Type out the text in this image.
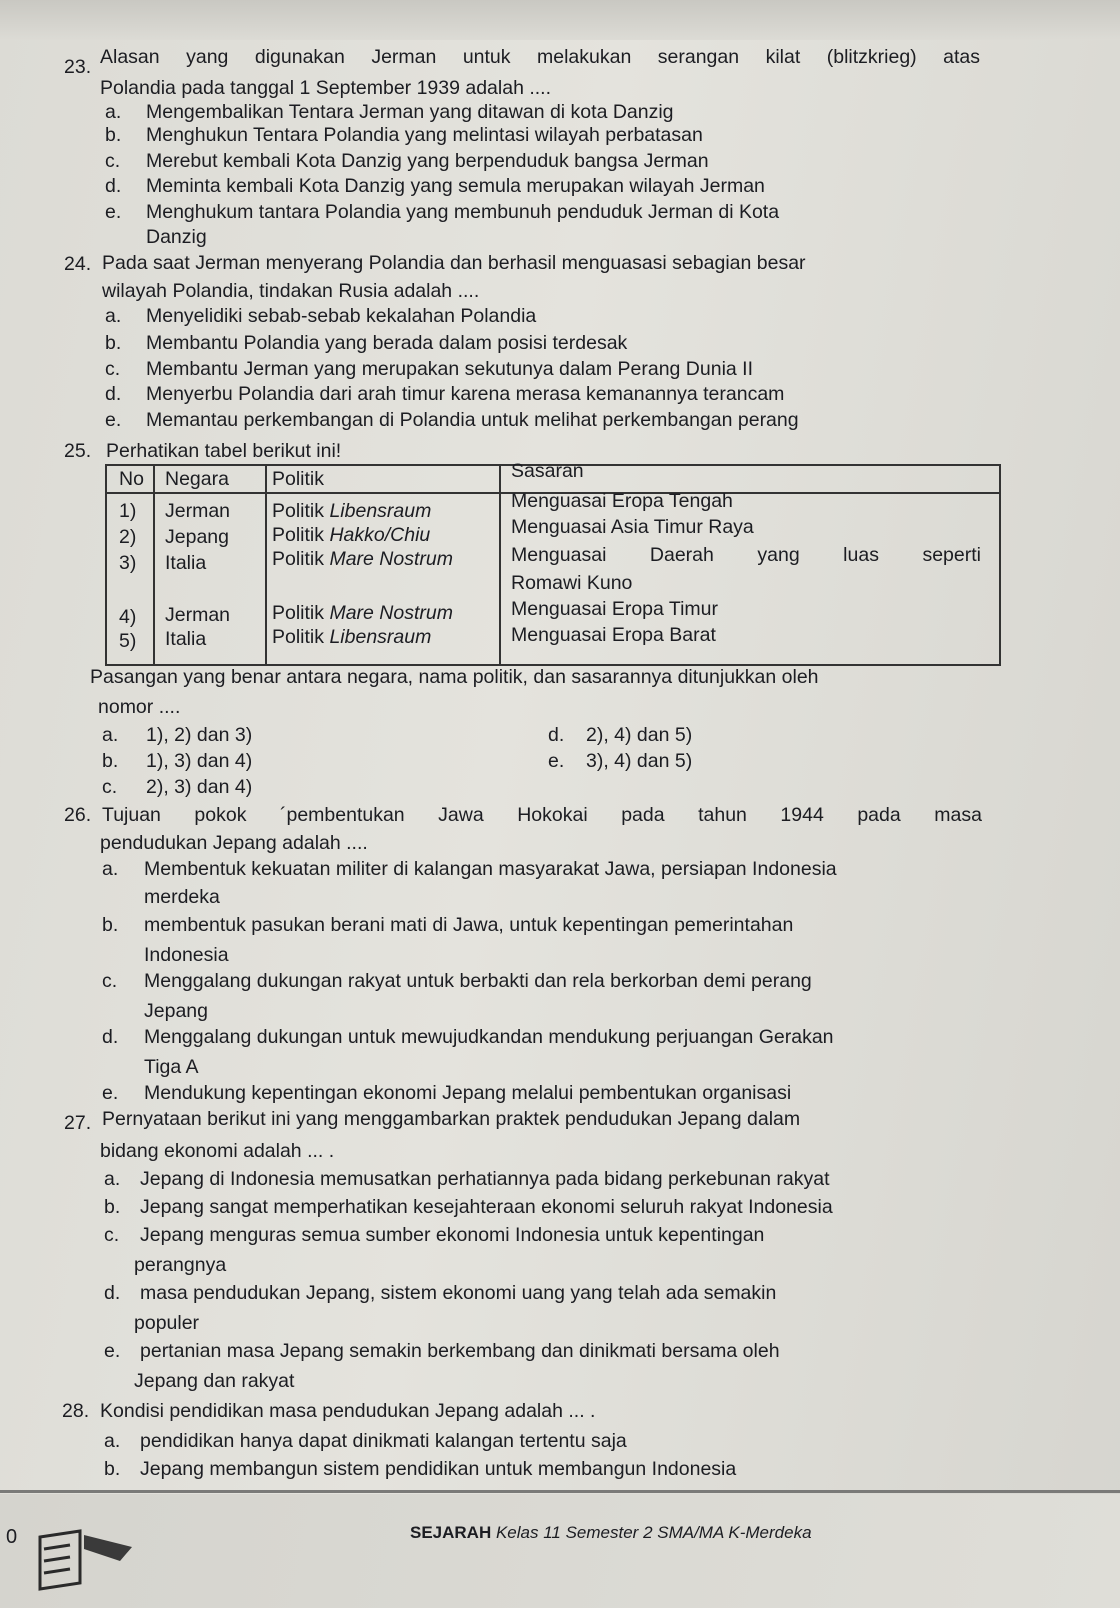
23. Alasan yang digunakan Jerman untuk melakukan serangan kilat (blitzkrieg) atas
Polandia pada tanggal 1 September 1939 adalah ....
a. Mengembalikan Tentara Jerman yang ditawan di kota Danzig
b. Menghukun Tentara Polandia yang melintasi wilayah perbatasan
c. Merebut kembali Kota Danzig yang berpenduduk bangsa Jerman
d. Meminta kembali Kota Danzig yang semula merupakan wilayah Jerman
e. Menghukum tantara Polandia yang membunuh penduduk Jerman di Kota
Danzig
24. Pada saat Jerman menyerang Polandia dan berhasil menguasasi sebagian besar
wilayah Polandia, tindakan Rusia adalah ....
a. Menyelidiki sebab-sebab kekalahan Polandia
b. Membantu Polandia yang berada dalam posisi terdesak
c. Membantu Jerman yang merupakan sekutunya dalam Perang Dunia II
d. Menyerbu Polandia dari arah timur karena merasa kemanannya terancam
e. Memantau perkembangan di Polandia untuk melihat perkembangan perang
25. Perhatikan tabel berikut ini!
No Negara Politik	Sasaran
1) Jerman Politik Libensraum	Menguasai Eropa Tengah
2) Jepang Politik Hakko/Chiu	Menguasai Asia Timur Raya
3) Italia	Politik Mare Nostrum	Menguasai Daerah yang luas seperti
Romawi Kuno
4) Jerman Politik Mare Nostrum	Menguasai Eropa Timur
5) Italia	Politik Libensraum	Menguasai Eropa Barat
Pasangan yang benar antara negara, nama politik, dan sasarannya ditunjukkan oleh
nomor ....
a. 1), 2) dan 3)
b. 1), 3) dan 4)
c. 2), 3) dan 4)
d. 2), 4) dan 5)
e. 3), 4) dan 5)
26. Tujuan pokok ´pembentukan Jawa Hokokai pada tahun 1944 pada masa
pendudukan Jepang adalah ....
a. Membentuk kekuatan militer di kalangan masyarakat Jawa, persiapan Indonesia
merdeka
b. membentuk pasukan berani mati di Jawa, untuk kepentingan pemerintahan
Indonesia
c. Menggalang dukungan rakyat untuk berbakti dan rela berkorban demi perang
Jepang
d. Menggalang dukungan untuk mewujudkandan mendukung perjuangan Gerakan
Tiga A
e. Mendukung kepentingan ekonomi Jepang melalui pembentukan organisasi
27. Pernyataan berikut ini yang menggambarkan praktek pendudukan Jepang dalam
bidang ekonomi adalah ... .
a. Jepang di Indonesia memusatkan perhatiannya pada bidang perkebunan rakyat
b. Jepang sangat memperhatikan kesejahteraan ekonomi seluruh rakyat Indonesia
c. Jepang menguras semua sumber ekonomi Indonesia untuk kepentingan
perangnya
d. masa pendudukan Jepang, sistem ekonomi uang yang telah ada semakin
populer
e. pertanian masa Jepang semakin berkembang dan dinikmati bersama oleh
Jepang dan rakyat
28. Kondisi pendidikan masa pendudukan Jepang adalah ... .
a. pendidikan hanya dapat dinikmati kalangan tertentu saja
b. Jepang membangun sistem pendidikan untuk membangun Indonesia
0	SEJARAH Kelas 11 Semester 2 SMA/MA K-Merdeka
